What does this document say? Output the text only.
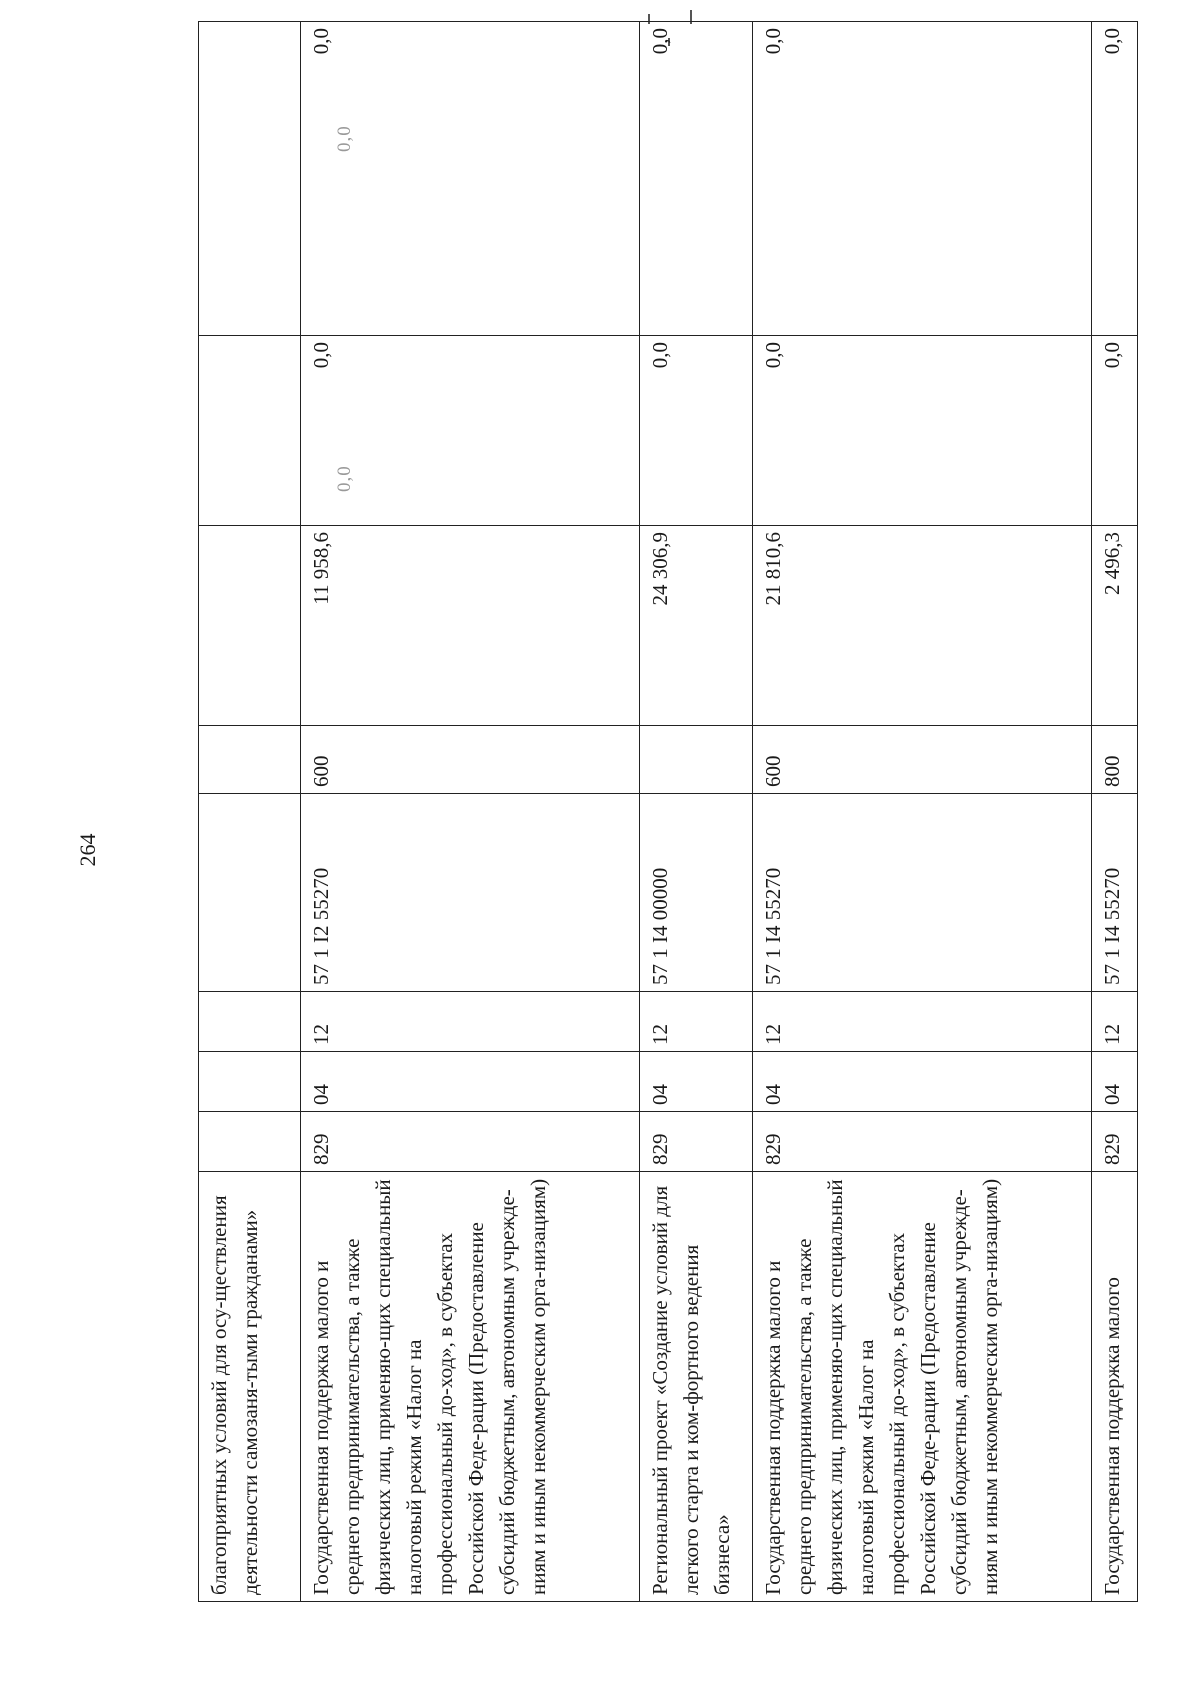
264
благоприятных условий для осу-ществления деятельности самозаня-тыми гражданами»								
Государственная поддержка малого и среднего предпринимательства, а также физических лиц, применяю-щих специальный налоговый режим «Налог на профессиональный до-ход», в субъектах Российской Феде-рации (Предоставление субсидий бюджетным, автономным учрежде-ниям и иным некоммерческим орга-низациям)	829	04	12	57 1 I2 55270	600	11 958,6	0,0	0,0
Региональный проект «Создание условий для легкого старта и ком-фортного ведения бизнеса»	829	04	12	57 1 I4 00000		24 306,9	0,0	0,0
Государственная поддержка малого и среднего предпринимательства, а также физических лиц, применяю-щих специальный налоговый режим «Налог на профессиональный до-ход», в субъектах Российской Феде-рации (Предоставление субсидий бюджетным, автономным учрежде-ниям и иным некоммерческим орга-низациям)	829	04	12	57 1 I4 55270	600	21 810,6	0,0	0,0
Государственная поддержка малого	829	04	12	57 1 I4 55270	800	2 496,3	0,0	0,0
0,0
0,0
